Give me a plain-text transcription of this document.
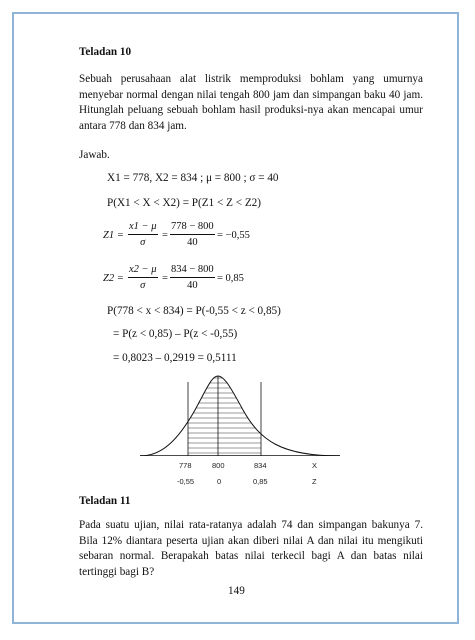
Teladan 10
Sebuah perusahaan alat listrik memproduksi bohlam yang umurnya menyebar normal dengan nilai tengah 800 jam dan simpangan baku 40 jam. Hitunglah peluang sebuah bohlam hasil produksi-nya akan mencapai umur antara 778 dan 834 jam.
Jawab.
X1 = 778, X2 = 834 ; μ = 800 ; σ = 40
P(X1 < X < X2) = P(Z1 < Z < Z2)
$Z1 = \frac{x1 - \mu}{\sigma} = \frac{778 - 800}{40} = -0,55$
$Z2 = \frac{x2 - \mu}{\sigma} = \frac{834 - 800}{40} = 0,85$
P(778 < x < 834) = P(-0,55 < z < 0,85)
= P(z < 0,85) – P(z < -0,55)
= 0,8023 – 0,2919 = 0,5111
778	800	834	X
-0,55	0	0,85	Z
Teladan 11
Pada suatu ujian, nilai rata-ratanya adalah 74 dan simpangan bakunya 7. Bila 12% diantara peserta ujian akan diberi nilai A dan nilai itu mengikuti sebaran normal. Berapakah batas nilai terkecil bagi A dan batas nilai tertinggi bagi B?
149
